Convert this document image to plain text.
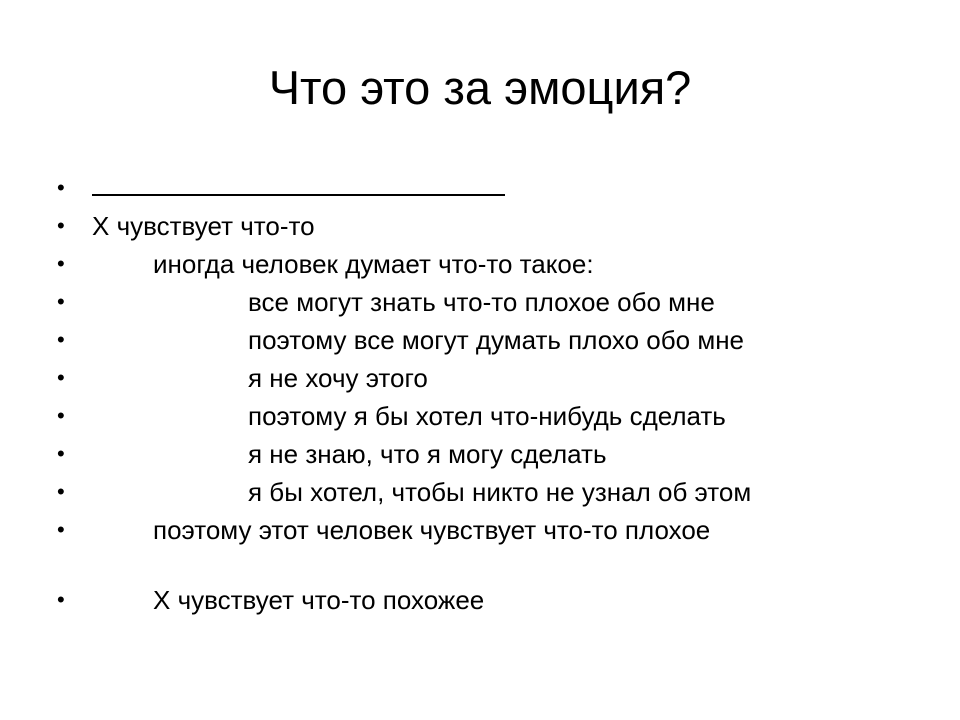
Что это за эмоция?
•
•	X чувствует что-то
•	иногда человек думает что-то такое:
•	все могут знать что-то плохое обо мне
•	поэтому все могут думать плохо обо мне
•	я не хочу этого
•	поэтому я бы хотел что-нибудь сделать
•	я не знаю, что я могу сделать
•	я бы хотел, чтобы никто не узнал об этом
•	поэтому этот человек чувствует что-то плохое
•	X чувствует что-то похожее
